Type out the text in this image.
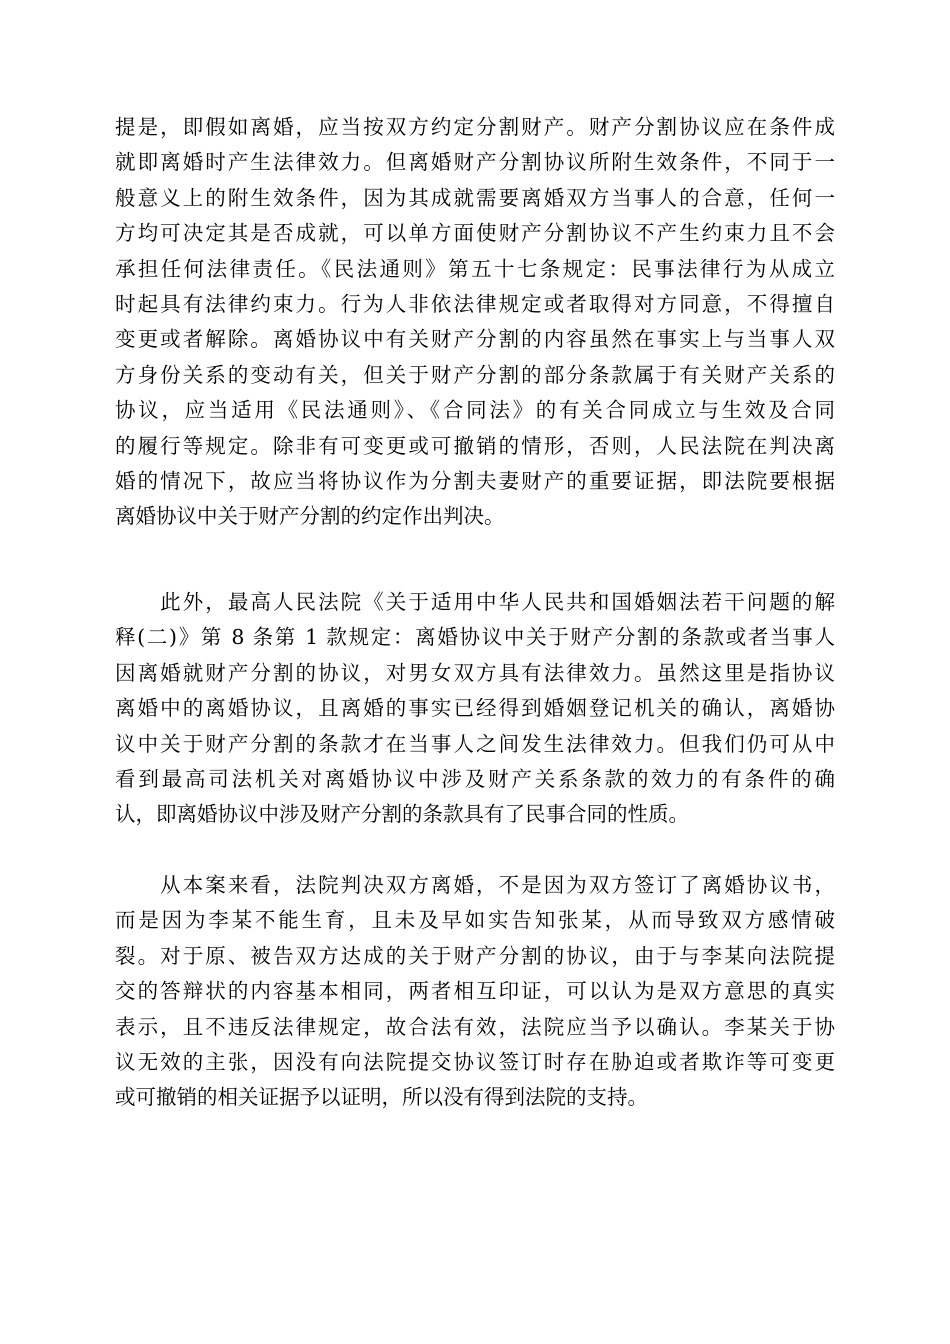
提是，即假如离婚，应当按双方约定分割财产。财产分割协议应在条件成
就即离婚时产生法律效力。但离婚财产分割协议所附生效条件，不同于一
般意义上的附生效条件，因为其成就需要离婚双方当事人的合意，任何一
方均可决定其是否成就，可以单方面使财产分割协议不产生约束力且不会
承担任何法律责任。《民法通则》第五十七条规定：民事法律行为从成立
时起具有法律约束力。行为人非依法律规定或者取得对方同意，不得擅自
变更或者解除。离婚协议中有关财产分割的内容虽然在事实上与当事人双
方身份关系的变动有关，但关于财产分割的部分条款属于有关财产关系的
协议，应当适用《民法通则》、《合同法》的有关合同成立与生效及合同
的履行等规定。除非有可变更或可撤销的情形，否则，人民法院在判决离
婚的情况下，故应当将协议作为分割夫妻财产的重要证据，即法院要根据
离婚协议中关于财产分割的约定作出判决。
　　此外，最高人民法院《关于适用中华人民共和国婚姻法若干问题的解
释(二)》第 8 条第 1 款规定：离婚协议中关于财产分割的条款或者当事人
因离婚就财产分割的协议，对男女双方具有法律效力。虽然这里是指协议
离婚中的离婚协议，且离婚的事实已经得到婚姻登记机关的确认，离婚协
议中关于财产分割的条款才在当事人之间发生法律效力。但我们仍可从中
看到最高司法机关对离婚协议中涉及财产关系条款的效力的有条件的确
认，即离婚协议中涉及财产分割的条款具有了民事合同的性质。
　　从本案来看，法院判决双方离婚，不是因为双方签订了离婚协议书，
而是因为李某不能生育，且未及早如实告知张某，从而导致双方感情破
裂。对于原、被告双方达成的关于财产分割的协议，由于与李某向法院提
交的答辩状的内容基本相同，两者相互印证，可以认为是双方意思的真实
表示，且不违反法律规定，故合法有效，法院应当予以确认。李某关于协
议无效的主张，因没有向法院提交协议签订时存在胁迫或者欺诈等可变更
或可撤销的相关证据予以证明，所以没有得到法院的支持。
